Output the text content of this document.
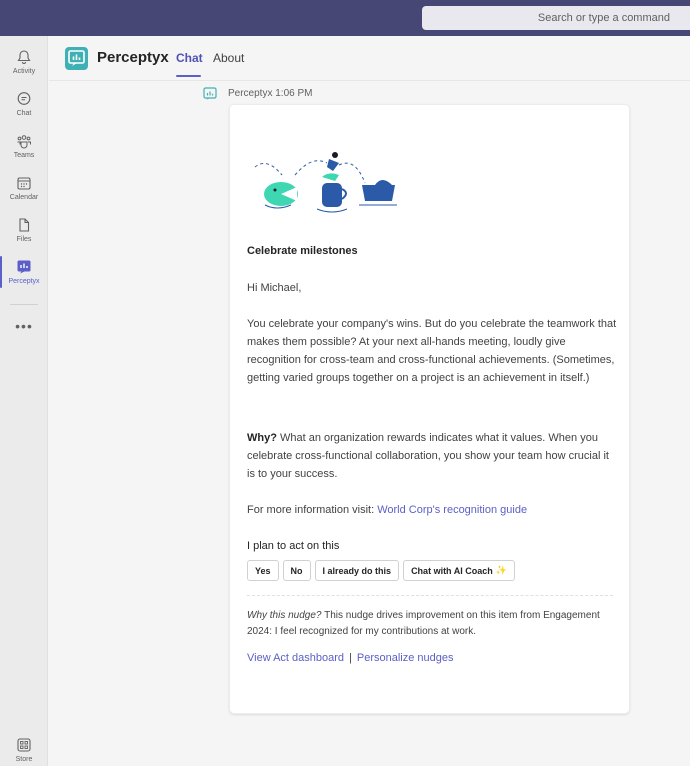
Search or type a command
Activity
Chat
Teams
Calendar
Files
Perceptyx
•••
Store
Perceptyx Chat About
Perceptyx 1:06 PM
Celebrate milestones
Hi Michael,
You celebrate your company's wins. But do you celebrate the teamwork that makes them possible? At your next all-hands meeting, loudly give recognition for cross-team and cross-functional achievements. (Sometimes, getting varied groups together on a project is an achievement in itself.)
Why? What an organization rewards indicates what it values. When you celebrate cross-functional collaboration, you show your team how crucial it is to your success.
For more information visit: World Corp's recognition guide
I plan to act on this
Yes	No	I already do this	Chat with AI Coach ✨
Why this nudge? This nudge drives improvement on this item from Engagement 2024: I feel recognized for my contributions at work.
View Act dashboard | Personalize nudges
